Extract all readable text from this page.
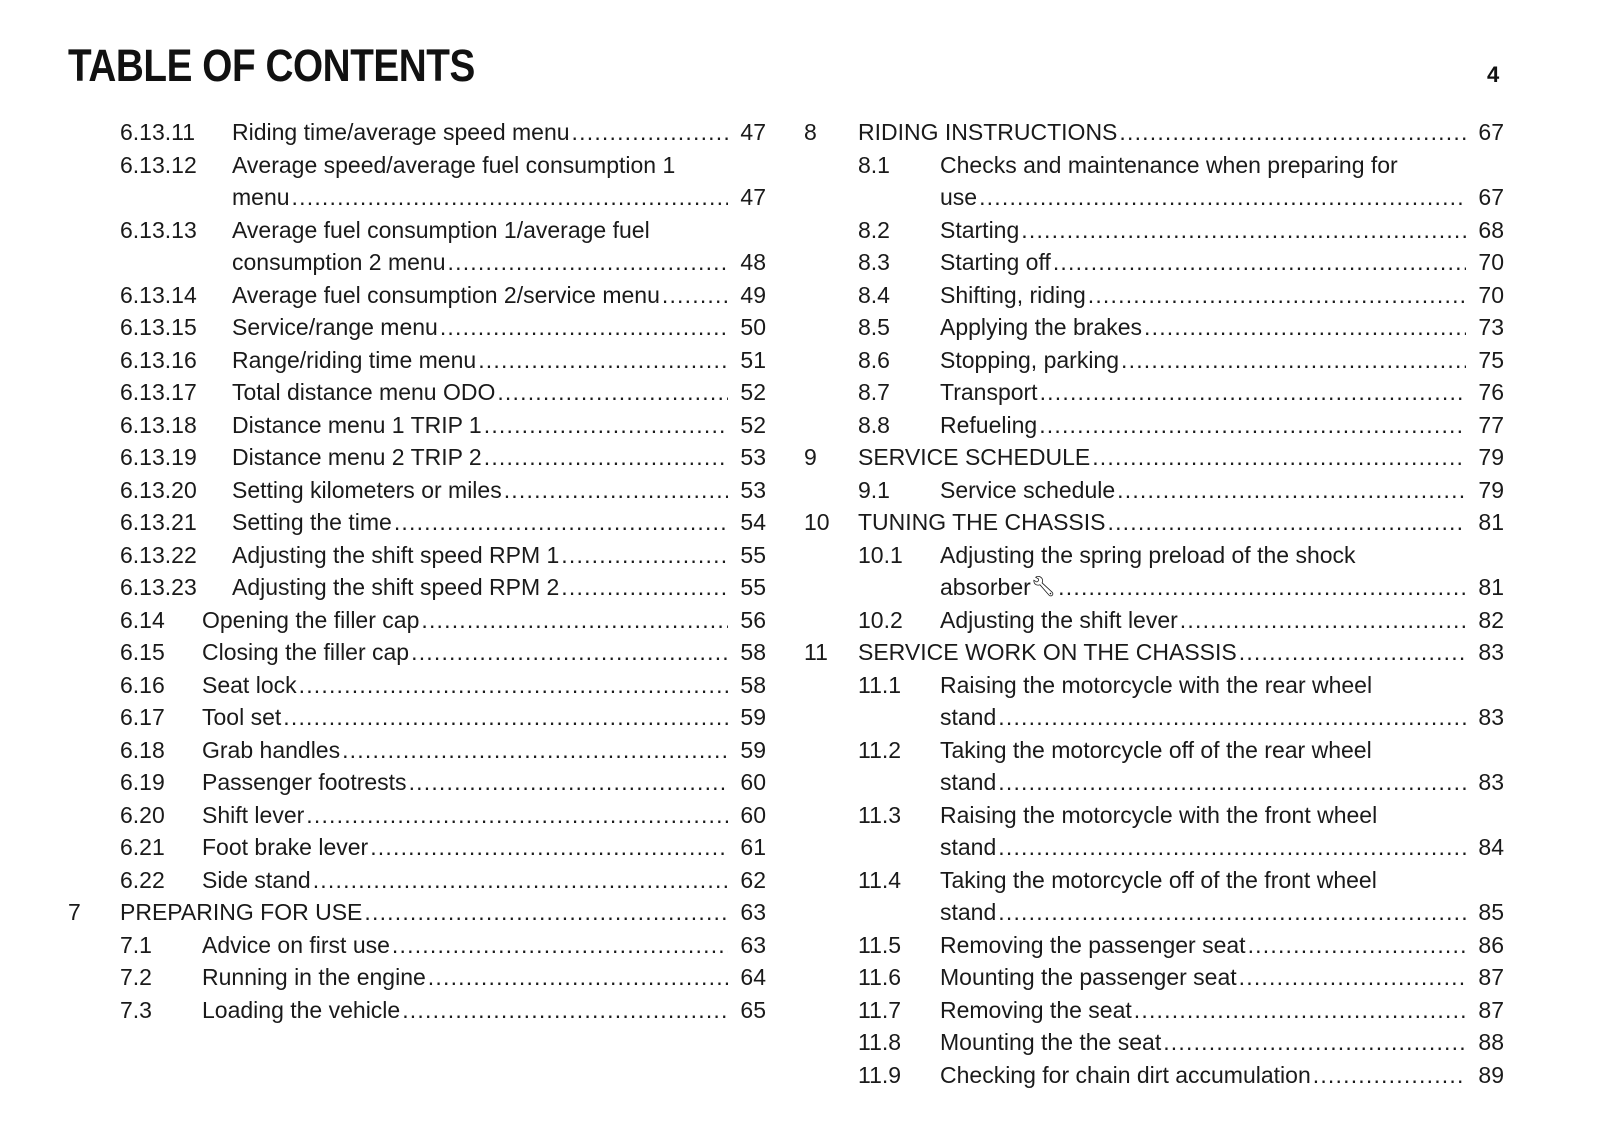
TABLE OF CONTENTS	4
6.13.11 Riding time/average speed menu .....	47
6.13.12 Average speed/average fuel consumption 1
menu .....	47
6.13.13 Average fuel consumption 1/average fuel
consumption 2 menu .....	48
6.13.14 Average fuel consumption 2/service menu .....	49
6.13.15 Service/range menu .....	50
6.13.16 Range/riding time menu .....	51
6.13.17 Total distance menu ODO .....	52
6.13.18 Distance menu 1 TRIP 1 .....	52
6.13.19 Distance menu 2 TRIP 2 .....	53
6.13.20 Setting kilometers or miles .....	53
6.13.21 Setting the time .....	54
6.13.22 Adjusting the shift speed RPM 1 .....	55
6.13.23 Adjusting the shift speed RPM 2 .....	55
6.14 Opening the filler cap .....	56
6.15 Closing the filler cap .....	58
6.16 Seat lock .....	58
6.17 Tool set .....	59
6.18 Grab handles .....	59
6.19 Passenger footrests .....	60
6.20 Shift lever .....	60
6.21 Foot brake lever .....	61
6.22 Side stand .....	62
7 PREPARING FOR USE .....	63
7.1 Advice on first use .....	63
7.2 Running in the engine .....	64
7.3 Loading the vehicle .....	65
8 RIDING INSTRUCTIONS .....	67
8.1 Checks and maintenance when preparing for
use .....	67
8.2 Starting .....	68
8.3 Starting off .....	70
8.4 Shifting, riding .....	70
8.5 Applying the brakes .....	73
8.6 Stopping, parking .....	75
8.7 Transport .....	76
8.8 Refueling .....	77
9 SERVICE SCHEDULE .....	79
9.1 Service schedule .....	79
10 TUNING THE CHASSIS .....	81
10.1 Adjusting the spring preload of the shock
absorber 🔧︎ .....	81
10.2 Adjusting the shift lever .....	82
11 SERVICE WORK ON THE CHASSIS .....	83
11.1 Raising the motorcycle with the rear wheel
stand .....	83
11.2 Taking the motorcycle off of the rear wheel
stand .....	83
11.3 Raising the motorcycle with the front wheel
stand .....	84
11.4 Taking the motorcycle off of the front wheel
stand .....	85
11.5 Removing the passenger seat .....	86
11.6 Mounting the passenger seat .....	87
11.7 Removing the seat .....	87
11.8 Mounting the the seat .....	88
11.9 Checking for chain dirt accumulation .....	89
